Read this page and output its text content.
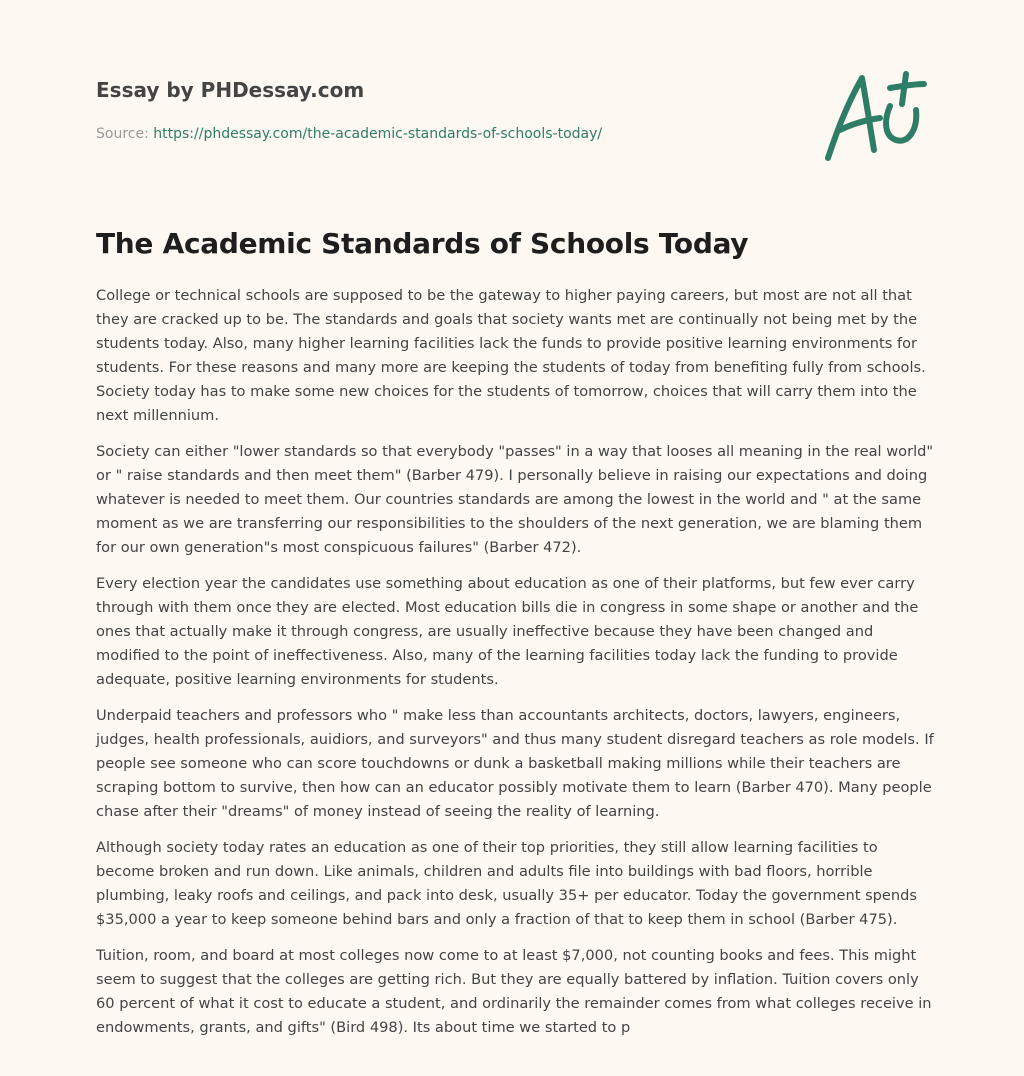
Essay by PHDessay.com
Source: https://phdessay.com/the-academic-standards-of-schools-today/
The Academic Standards of Schools Today

College or technical schools are supposed to be the gateway to higher paying careers, but most are not all that they are cracked up to be. The standards and goals that society wants met are continually not being met by the students today. Also, many higher learning facilities lack the funds to provide positive learning environments for students. For these reasons and many more are keeping the students of today from benefiting fully from schools. Society today has to make some new choices for the students of tomorrow, choices that will carry them into the next millennium.

Society can either "lower standards so that everybody "passes" in a way that looses all meaning in the real world" or " raise standards and then meet them" (Barber 479). I personally believe in raising our expectations and doing whatever is needed to meet them. Our countries standards are among the lowest in the world and " at the same moment as we are transferring our responsibilities to the shoulders of the next generation, we are blaming them for our own generation"s most conspicuous failures" (Barber 472).

Every election year the candidates use something about education as one of their platforms, but few ever carry through with them once they are elected. Most education bills die in congress in some shape or another and the ones that actually make it through congress, are usually ineffective because they have been changed and modified to the point of ineffectiveness. Also, many of the learning facilities today lack the funding to provide adequate, positive learning environments for students.

Underpaid teachers and professors who " make less than accountants architects, doctors, lawyers, engineers, judges, health professionals, auidiors, and surveyors" and thus many student disregard teachers as role models. If people see someone who can score touchdowns or dunk a basketball making millions while their teachers are scraping bottom to survive, then how can an educator possibly motivate them to learn (Barber 470). Many people chase after their "dreams" of money instead of seeing the reality of learning.

Although society today rates an education as one of their top priorities, they still allow learning facilities to become broken and run down. Like animals, children and adults file into buildings with bad floors, horrible plumbing, leaky roofs and ceilings, and pack into desk, usually 35+ per educator. Today the government spends $35,000 a year to keep someone behind bars and only a fraction of that to keep them in school (Barber 475).

Tuition, room, and board at most colleges now come to at least $7,000, not counting books and fees. This might seem to suggest that the colleges are getting rich. But they are equally battered by inflation. Tuition covers only 60 percent of what it cost to educate a student, and ordinarily the remainder comes from what colleges receive in endowments, grants, and gifts" (Bird 498). Its about time we started to p
